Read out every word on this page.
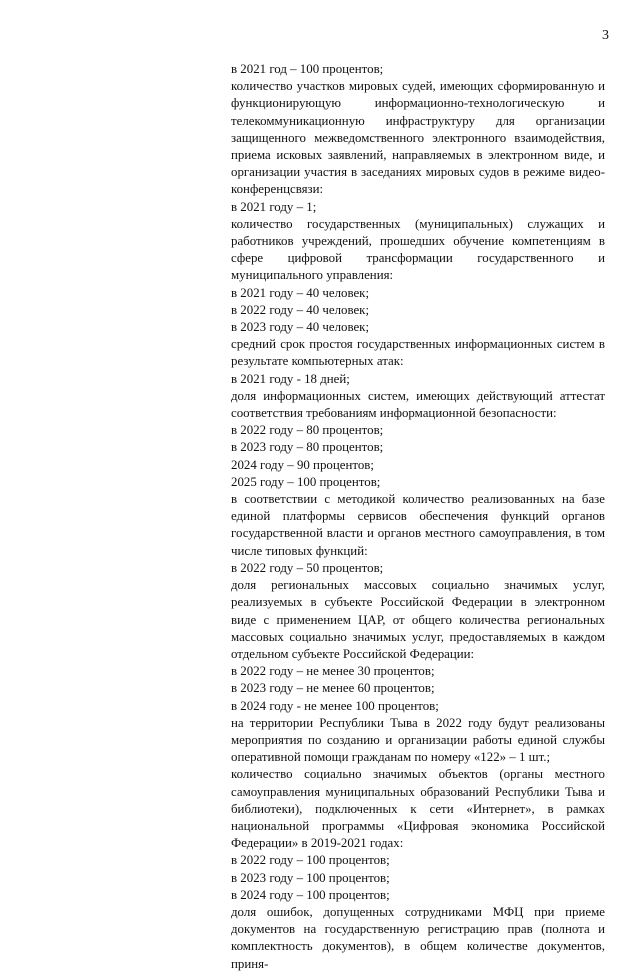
3

в 2021 год – 100 процентов;

количество участков мировых судей, имеющих сформированную и функционирующую информационно-технологическую и телекоммуникационную инфраструктуру для организации защищенного межведомственного электронного взаимодействия, приема исковых заявлений, направляемых в электронном виде, и организации участия в заседаниях мировых судов в режиме видео-конференцсвязи:

в 2021 году – 1;

количество государственных (муниципальных) служащих и работников учреждений, прошедших обучение компетенциям в сфере цифровой трансформации государственного и муниципального управления:

в 2021 году – 40 человек;

в 2022 году – 40 человек;

в 2023 году – 40 человек;

средний срок простоя государственных информационных систем в результате компьютерных атак:

в 2021 году - 18 дней;

доля информационных систем, имеющих действующий аттестат соответствия требованиям информационной безопасности:

в 2022 году – 80 процентов;

в 2023 году – 80 процентов;

2024 году – 90 процентов;

2025 году – 100 процентов;

в соответствии с методикой количество реализованных на базе единой платформы сервисов обеспечения функций органов государственной власти и органов местного самоуправления, в том числе типовых функций:

в 2022 году – 50 процентов;

доля региональных массовых социально значимых услуг, реализуемых в субъекте Российской Федерации в электронном виде с применением ЦАР, от общего количества региональных массовых социально значимых услуг, предоставляемых в каждом отдельном субъекте Российской Федерации:

в 2022 году – не менее 30 процентов;

в 2023 году – не менее 60 процентов;

в 2024 году - не менее 100 процентов;

на территории Республики Тыва в 2022 году будут реализованы мероприятия по созданию и организации работы единой службы оперативной помощи гражданам по номеру «122» – 1 шт.;

количество социально значимых объектов (органы местного самоуправления муниципальных образований Республики Тыва и библиотеки), подключенных к сети «Интернет», в рамках национальной программы «Цифровая экономика Российской Федерации» в 2019-2021 годах:

в 2022 году – 100 процентов;

в 2023 году – 100 процентов;

в 2024 году – 100 процентов;

доля ошибок, допущенных сотрудниками МФЦ при приеме документов на государственную регистрацию прав (полнота и комплектность документов), в общем количестве документов, приня-
